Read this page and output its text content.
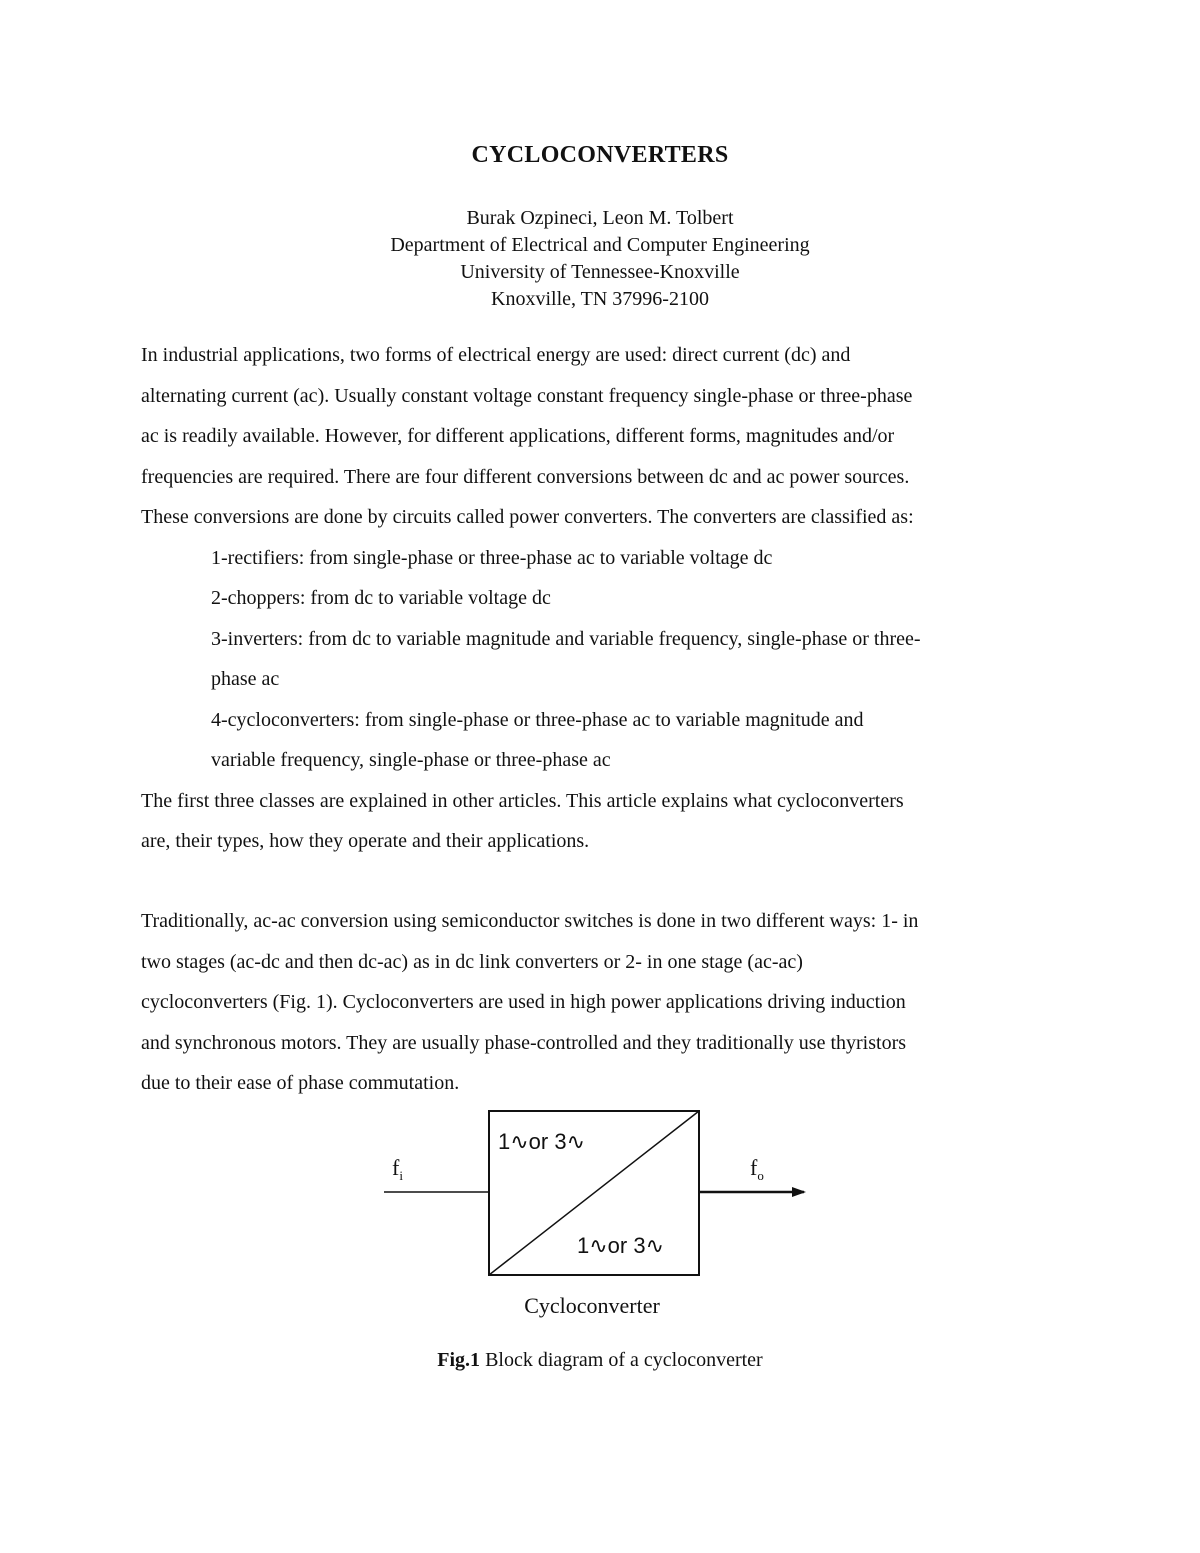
CYCLOCONVERTERS
Burak Ozpineci, Leon M. Tolbert
Department of Electrical and Computer Engineering
University of Tennessee-Knoxville
Knoxville, TN 37996-2100
In industrial applications, two forms of electrical energy are used: direct current (dc) and
alternating current (ac). Usually constant voltage constant frequency single-phase or three-phase
ac is readily available. However, for different applications, different forms, magnitudes and/or
frequencies are required. There are four different conversions between dc and ac power sources.
These conversions are done by circuits called power converters. The converters are classified as:
1-rectifiers: from single-phase or three-phase ac to variable voltage dc
2-choppers: from dc to variable voltage dc
3-inverters: from dc to variable magnitude and variable frequency, single-phase or three-
phase ac
4-cycloconverters: from single-phase or three-phase ac to variable magnitude and
variable frequency, single-phase or three-phase ac
The first three classes are explained in other articles. This article explains what cycloconverters
are, their types, how they operate and their applications.
Traditionally, ac-ac conversion using semiconductor switches is done in two different ways: 1- in
two stages (ac-dc and then dc-ac) as in dc link converters or 2- in one stage (ac-ac)
cycloconverters (Fig. 1). Cycloconverters are used in high power applications driving induction
and synchronous motors. They are usually phase-controlled and they traditionally use thyristors
due to their ease of phase commutation.
1∿or 3∿
1∿or 3∿
$f_i$	$f_o$
Cycloconverter
Fig.1 Block diagram of a cycloconverter
